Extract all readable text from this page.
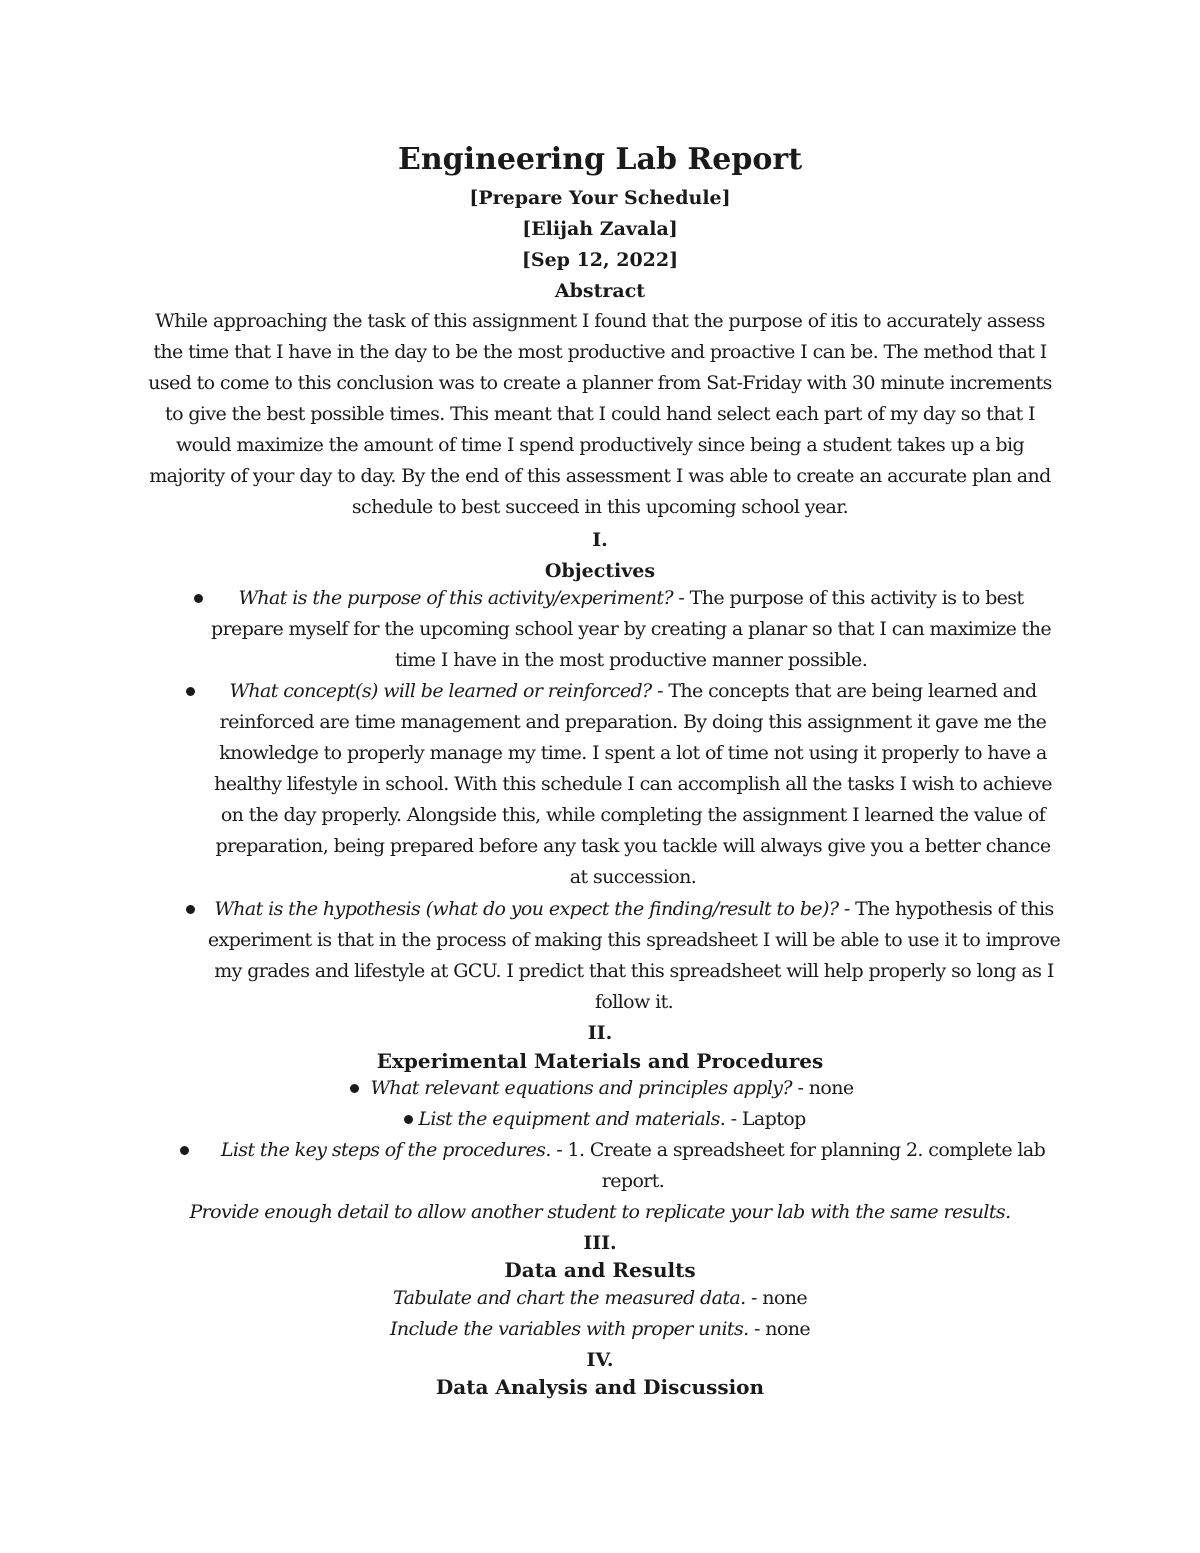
Engineering Lab Report
[Prepare Your Schedule]
[Elijah Zavala]
[Sep 12, 2022]
Abstract
While approaching the task of this assignment I found that the purpose of itis to accurately assess the time that I have in the day to be the most productive and proactive I can be. The method that I used to come to this conclusion was to create a planner from Sat-Friday with 30 minute increments to give the best possible times. This meant that I could hand select each part of my day so that I would maximize the amount of time I spend productively since being a student takes up a big majority of your day to day. By the end of this assessment I was able to create an accurate plan and schedule to best succeed in this upcoming school year.
I.
Objectives
What is the purpose of this activity/experiment? - The purpose of this activity is to best prepare myself for the upcoming school year by creating a planar so that I can maximize the time I have in the most productive manner possible.
What concept(s) will be learned or reinforced? - The concepts that are being learned and reinforced are time management and preparation. By doing this assignment it gave me the knowledge to properly manage my time. I spent a lot of time not using it properly to have a healthy lifestyle in school. With this schedule I can accomplish all the tasks I wish to achieve on the day properly. Alongside this, while completing the assignment I learned the value of preparation, being prepared before any task you tackle will always give you a better chance at succession.
What is the hypothesis (what do you expect the finding/result to be)? - The hypothesis of this experiment is that in the process of making this spreadsheet I will be able to use it to improve my grades and lifestyle at GCU. I predict that this spreadsheet will help properly so long as I follow it.
II.
Experimental Materials and Procedures
What relevant equations and principles apply? - none
List the equipment and materials. - Laptop
List the key steps of the procedures. - 1. Create a spreadsheet for planning 2. complete lab report.
Provide enough detail to allow another student to replicate your lab with the same results.
III.
Data and Results
Tabulate and chart the measured data. - none
Include the variables with proper units. - none
IV.
Data Analysis and Discussion
